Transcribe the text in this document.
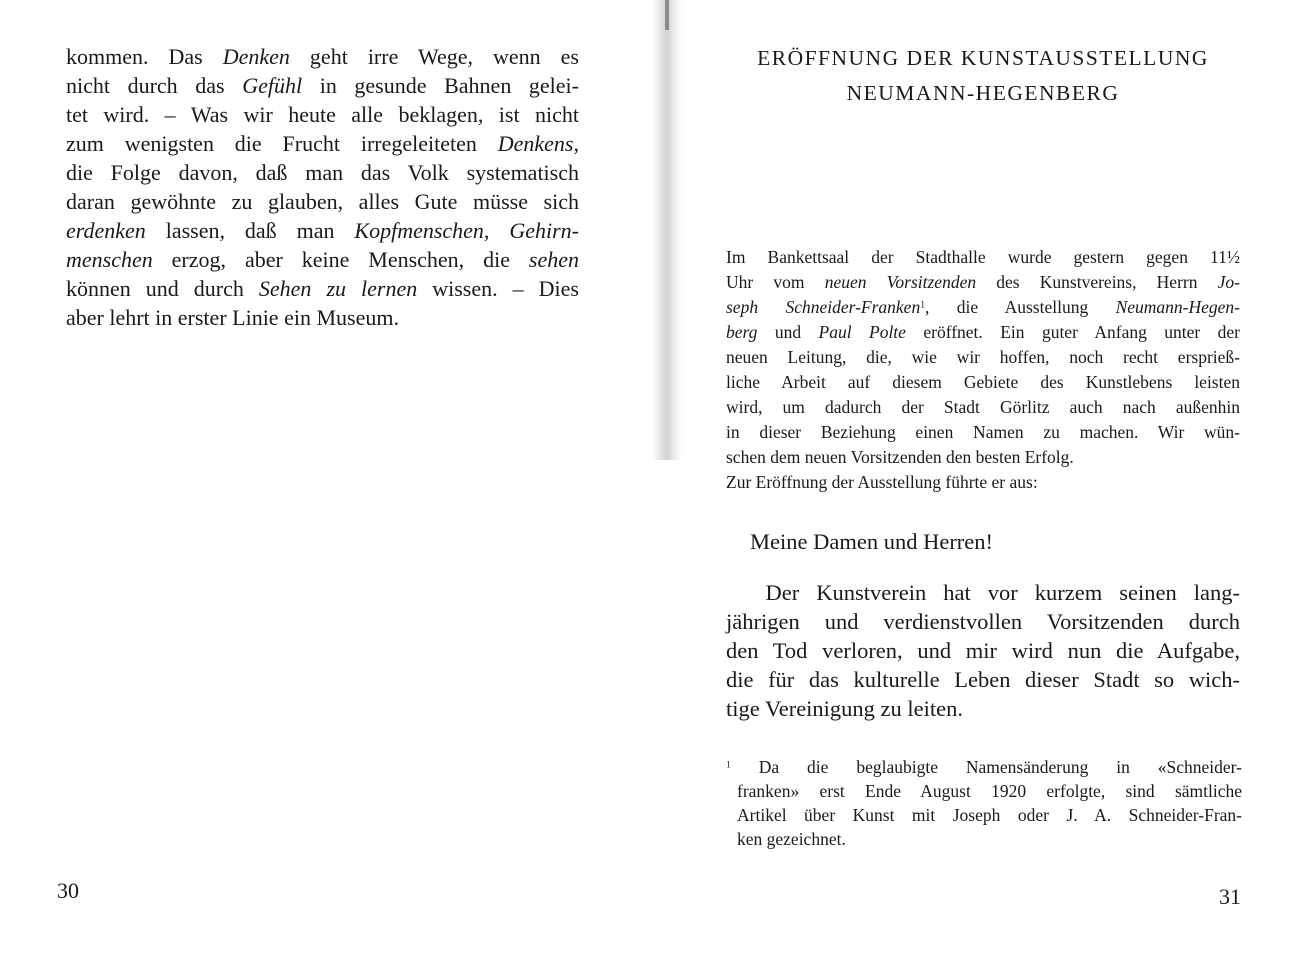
kommen. Das Denken geht irre Wege, wenn es
nicht durch das Gefühl in gesunde Bahnen gelei-
tet wird. – Was wir heute alle beklagen, ist nicht
zum wenigsten die Frucht irregeleiteten Denkens,
die Folge davon, daß man das Volk systematisch
daran gewöhnte zu glauben, alles Gute müsse sich
erdenken lassen, daß man Kopfmenschen, Gehirn-
menschen erzog, aber keine Menschen, die sehen
können und durch Sehen zu lernen wissen. – Dies
aber lehrt in erster Linie ein Museum.
30
ERÖFFNUNG DER KUNSTAUSSTELLUNG
NEUMANN-HEGENBERG
Im Bankettsaal der Stadthalle wurde gestern gegen 11½
Uhr vom neuen Vorsitzenden des Kunstvereins, Herrn Jo-
seph Schneider-Franken$^1$, die Ausstellung Neumann-Hegen-
berg und Paul Polte eröffnet. Ein guter Anfang unter der
neuen Leitung, die, wie wir hoffen, noch recht ersprieß-
liche Arbeit auf diesem Gebiete des Kunstlebens leisten
wird, um dadurch der Stadt Görlitz auch nach außenhin
in dieser Beziehung einen Namen zu machen. Wir wün-
schen dem neuen Vorsitzenden den besten Erfolg.
Zur Eröffnung der Ausstellung führte er aus:
Meine Damen und Herren!
  Der Kunstverein hat vor kurzem seinen lang-
jährigen und verdienstvollen Vorsitzenden durch
den Tod verloren, und mir wird nun die Aufgabe,
die für das kulturelle Leben dieser Stadt so wich-
tige Vereinigung zu leiten.
$^1$ Da die beglaubigte Namensänderung in «Schneider-
franken» erst Ende August 1920 erfolgte, sind sämtliche
Artikel über Kunst mit Joseph oder J. A. Schneider-Fran-
ken gezeichnet.
31
